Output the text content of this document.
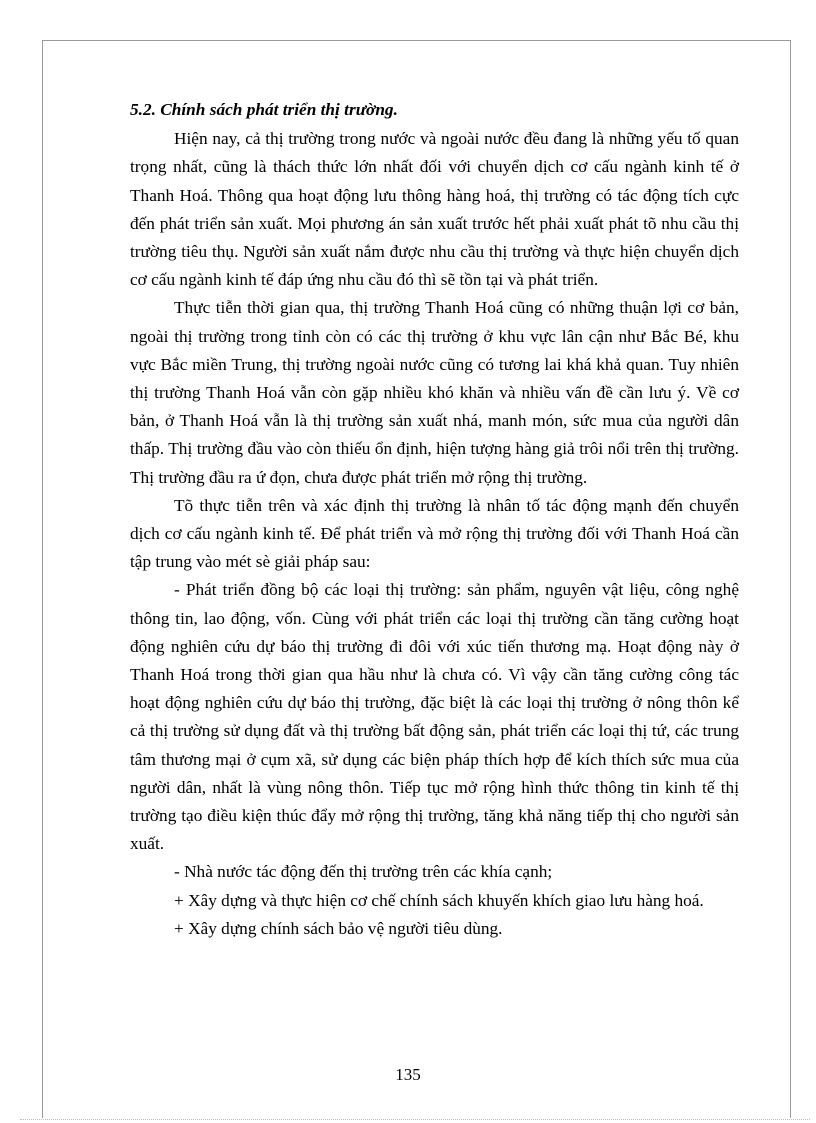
5.2. Chính sách phát triển thị trường.

Hiện nay, cả thị trường trong nước và ngoài nước đều đang là những yếu tố quan trọng nhất, cũng là thách thức lớn nhất đối với chuyển dịch cơ cấu ngành kinh tế ở Thanh Hoá. Thông qua hoạt động lưu thông hàng hoá, thị trường có tác động tích cực đến phát triển sản xuất. Mọi phương án sản xuất trước hết phải xuất phát tõ nhu cầu thị trường tiêu thụ. Người sản xuất nắm được nhu cầu thị trường và thực hiện chuyển dịch cơ cấu ngành kinh tế đáp ứng nhu cầu đó thì sẽ tồn tại và phát triển.

Thực tiễn thời gian qua, thị trường Thanh Hoá cũng có những thuận lợi cơ bản, ngoài thị trường trong tỉnh còn có các thị trường ở khu vực lân cận như Bắc Bé, khu vực Bắc miền Trung, thị trường ngoài nước cũng có tương lai khá khả quan. Tuy nhiên thị trường Thanh Hoá vẫn còn gặp nhiều khó khăn và nhiều vấn đề cần lưu ý. Về cơ bản, ở Thanh Hoá vẫn là thị trường sản xuất nhá, manh món, sức mua của người dân thấp. Thị trường đầu vào còn thiếu ổn định, hiện tượng hàng giả trôi nổi trên thị trường. Thị trường đầu ra ứ đọn, chưa được phát triển mở rộng thị trường.

Tõ thực tiễn trên và xác định thị trường là nhân tố tác động mạnh đến chuyển dịch cơ cấu ngành kinh tế. Để phát triển và mở rộng thị trường đối với Thanh Hoá cần tập trung vào mét sè giải pháp sau:

- Phát triển đồng bộ các loại thị trường: sản phẩm, nguyên vật liệu, công nghệ thông tin, lao động, vốn. Cùng với phát triển các loại thị trường cần tăng cường hoạt động nghiên cứu dự báo thị trường đi đôi với xúc tiến thương mạ. Hoạt động này ở Thanh Hoá trong thời gian qua hầu như là chưa có. Vì vậy cần tăng cường công tác hoạt động nghiên cứu dự báo thị trường, đặc biệt là các loại thị trường ở nông thôn kể cả thị trường sử dụng đất và thị trường bất động sản, phát triển các loại thị tứ, các trung tâm thương mại ở cụm xã, sử dụng các biện pháp thích hợp để kích thích sức mua của người dân, nhất là vùng nông thôn. Tiếp tục mở rộng hình thức thông tin kinh tế thị trường tạo điều kiện thúc đẩy mở rộng thị trường, tăng khả năng tiếp thị cho người sản xuất.

- Nhà nước tác động đến thị trường trên các khía cạnh;

+ Xây dựng và thực hiện cơ chế chính sách khuyến khích giao lưu hàng hoá.

+ Xây dựng chính sách bảo vệ người tiêu dùng.

135
